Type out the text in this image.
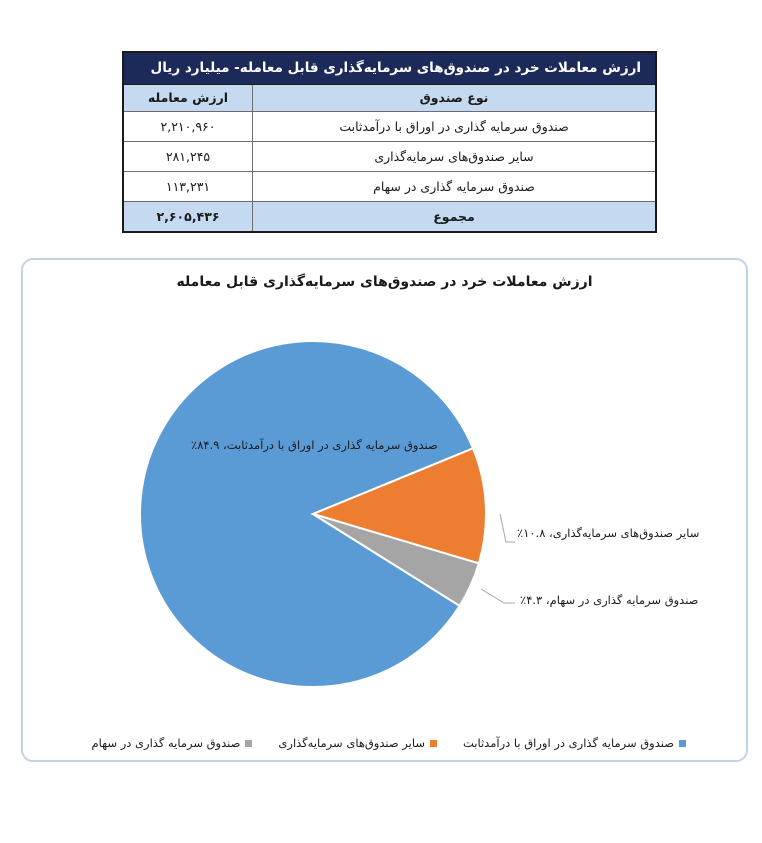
ارزش معاملات خرد در صندوق‌های سرمایه‌گذاری قابل معامله- میلیارد ریال
نوع صندوق
ارزش معامله
صندوق سرمایه گذاری در اوراق با درآمدثابت
۲,۲۱۰,۹۶۰
سایر صندوق‌های سرمایه‌گذاری
۲۸۱,۲۴۵
صندوق سرمایه گذاری در سهام
۱۱۳,۲۳۱
مجموع
۲,۶۰۵,۴۳۶
ارزش معاملات خرد در صندوق‌های سرمایه‌گذاری قابل معامله
صندوق سرمایه گذاری در اوراق با درآمدثابت، ۸۴.۹٪
سایر صندوق‌های سرمایه‌گذاری، ۱۰.۸٪
صندوق سرمایه گذاری در سهام، ۴.۳٪
صندوق سرمایه گذاری در اوراق با درآمدثابت
سایر صندوق‌های سرمایه‌گذاری
صندوق سرمایه گذاری در سهام
